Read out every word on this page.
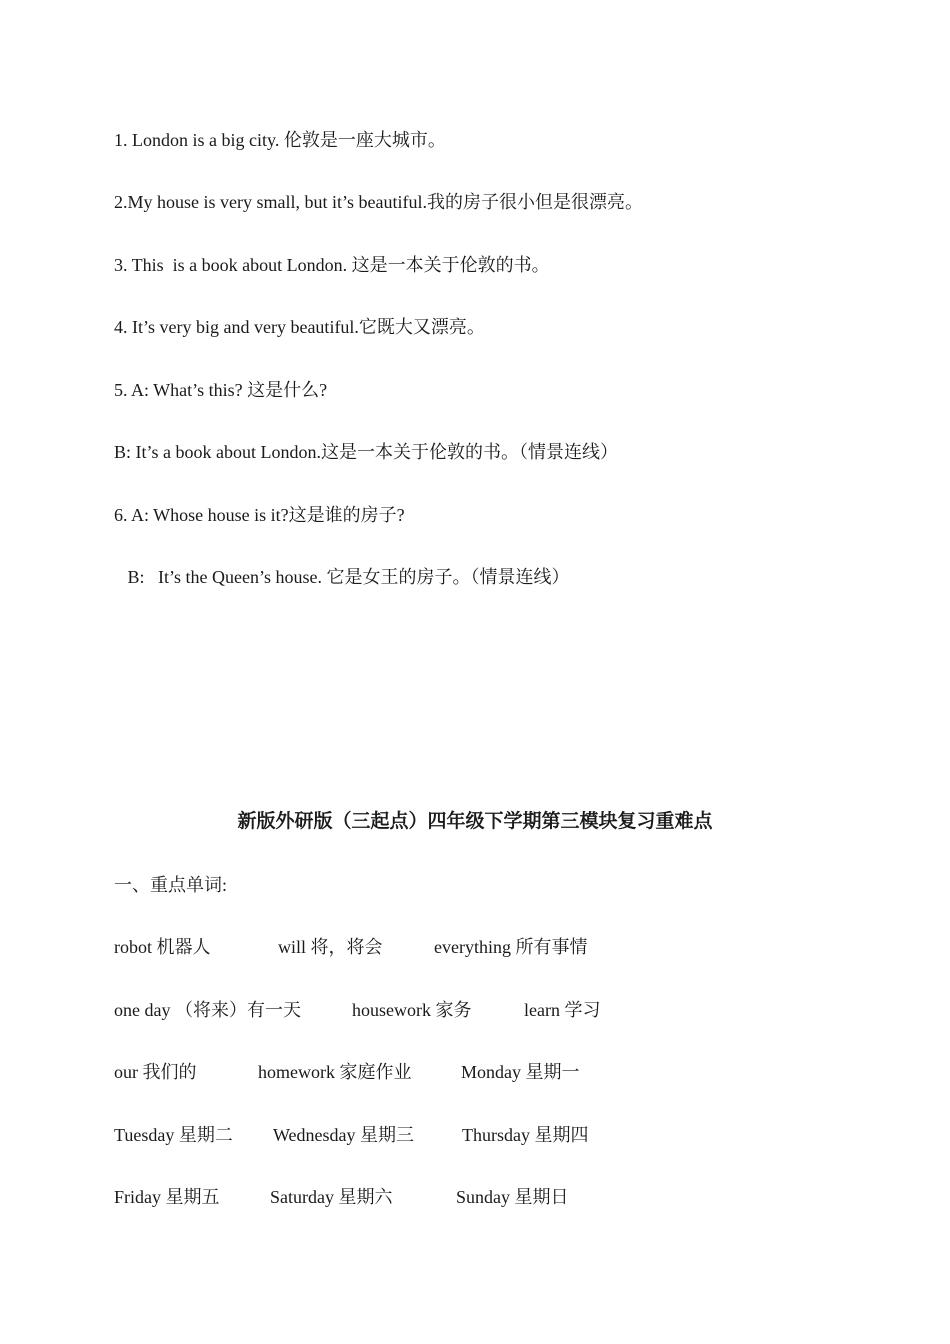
1. London is a big city. 伦敦是一座大城市。
2.My house is very small, but it’s beautiful.我的房子很小但是很漂亮。
3. This  is a book about London. 这是一本关于伦敦的书。
4. It’s very big and very beautiful.它既大又漂亮。
5. A: What’s this? 这是什么?
B: It’s a book about London.这是一本关于伦敦的书。（情景连线）
6. A: Whose house is it?这是谁的房子?
B:   It’s the Queen’s house. 它是女王的房子。（情景连线）
新版外研版（三起点）四年级下学期第三模块复习重难点
一、重点单词:
robot 机器人	will 将，将会	everything 所有事情
one day （将来）有一天	housework 家务	learn 学习
our 我们的	homework 家庭作业	Monday 星期一
Tuesday 星期二 Wednesday 星期三	Thursday 星期四
Friday 星期五	Saturday 星期六	Sunday 星期日
